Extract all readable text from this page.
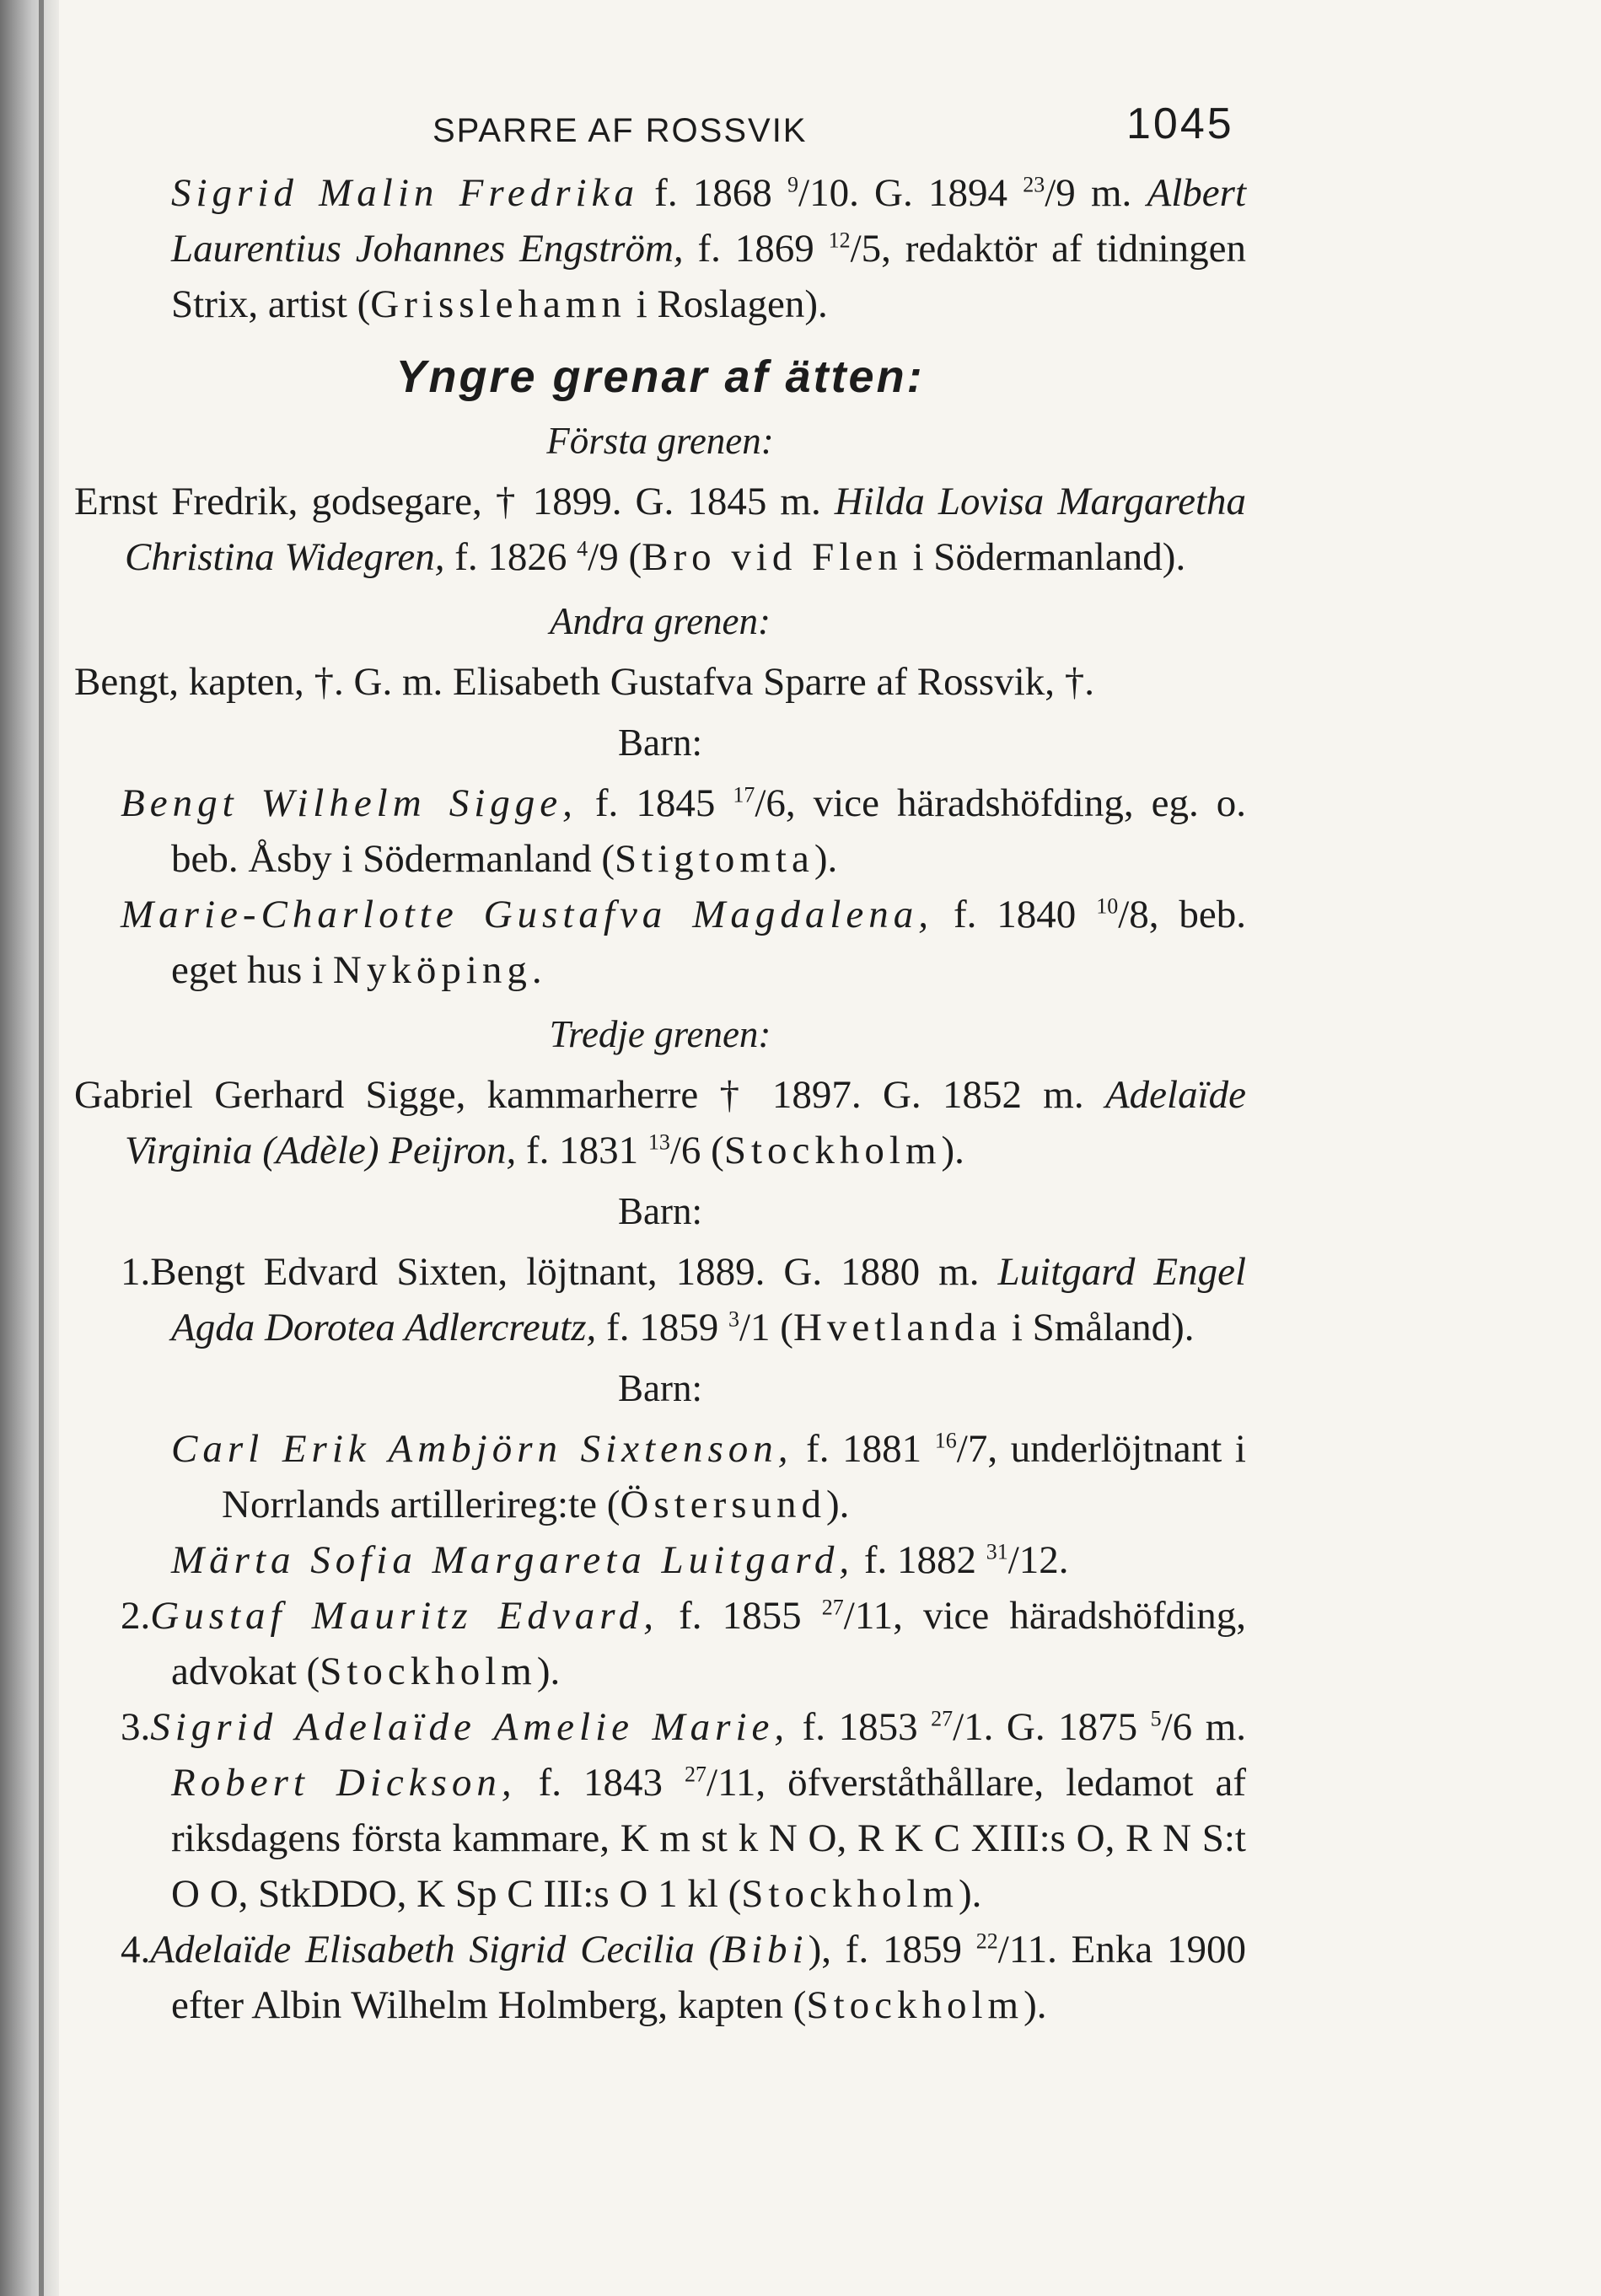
SPARRE AF ROSSVIK	1045

Sigrid Malin Fredrika f. 1868 $^9$/10. G. 1894 $^{23}$/9 m. Albert Laurentius Johannes Engström, f. 1869 $^{12}$/5, redaktör af tidningen Strix, artist (Grisslehamn i Roslagen).

Yngre grenar af ätten:
Första grenen:

Ernst Fredrik, godsegare, † 1899. G. 1845 m. Hilda Lovisa Margaretha Christina Widegren, f. 1826 $^4$/9 (Bro vid Flen i Södermanland).

Andra grenen:

Bengt, kapten, †. G. m. Elisabeth Gustafva Sparre af Rossvik, †.

Barn:

Bengt Wilhelm Sigge, f. 1845 $^{17}$/6, vice häradshöfding, eg. o. beb. Åsby i Södermanland (Stigtomta).

Marie-Charlotte Gustafva Magdalena, f. 1840 $^{10}$/8, beb. eget hus i Nyköping.

Tredje grenen:

Gabriel Gerhard Sigge, kammarherre † 1897. G. 1852 m. Adelaïde Virginia (Adèle) Peijron, f. 1831 $^{13}$/6 (Stockholm).

Barn:

1.Bengt Edvard Sixten, löjtnant, 1889. G. 1880 m. Luitgard Engel Agda Dorotea Adlercreutz, f. 1859 $^3$/1 (Hvetlanda i Småland).

Barn:

Carl Erik Ambjörn Sixtenson, f. 1881 $^{16}$/7, underlöjtnant i Norrlands artillerireg:te (Östersund).

Märta Sofia Margareta Luitgard, f. 1882 $^{31}$/12.

2.Gustaf Mauritz Edvard, f. 1855 $^{27}$/11, vice häradshöfding, advokat (Stockholm).

3.Sigrid Adelaïde Amelie Marie, f. 1853 $^{27}$/1. G. 1875 $^5$/6 m. Robert Dickson, f. 1843 $^{27}$/11, öfverståthållare, ledamot af riksdagens första kammare, K m st k N O, R K C XIII:s O, R N S:t O O, StkDDO, K Sp C III:s O 1 kl (Stockholm).

4.Adelaïde Elisabeth Sigrid Cecilia (Bibi), f. 1859 $^{22}$/11. Enka 1900 efter Albin Wilhelm Holmberg, kapten (Stockholm).
